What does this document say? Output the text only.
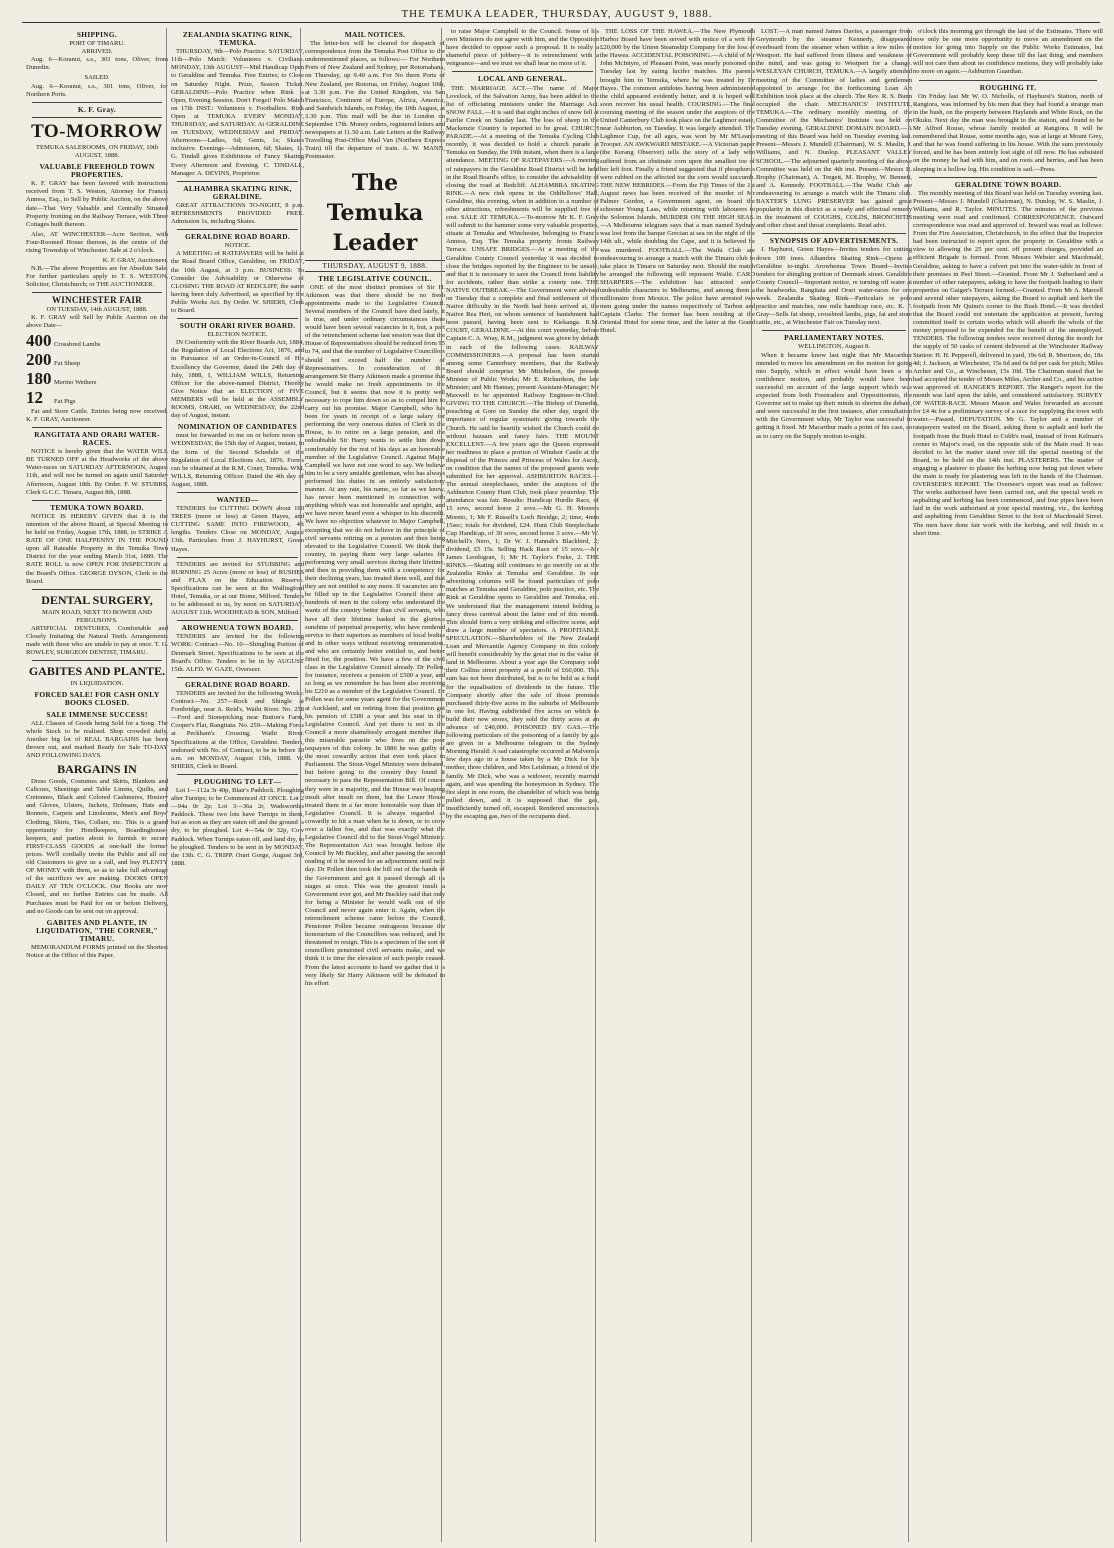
THE TEMUKA LEADER, THURSDAY, AUGUST 9, 1888.
SHIPPING.
PORT OF TIMARU.
ARRIVED.

Aug. 6—Koranui, s.s., 301 tons, Oliver, from Dunedin.

SAILED.

Aug. 6—Koranui, s.s., 301 tons, Oliver, for Northern Ports.

K. F. Gray.
TO-MORROW
TEMUKA SALEROOMS, ON FRIDAY, 10th AUGUST, 1888.
VALUABLE FREEHOLD TOWN PROPERTIES.

K. F. GRAY has been favored with instructions received from T. S. Weston, Attorney for Francis Anness, Esq., to Sell by Public Auction, on the above date—That Very Valuable and Centrally Situated Property fronting on the Railway Terrace, with Three Cottages built thereon.

Also, AT WINCHESTER—Acre Section, with Four-Roomed House thereon, in the centre of the rising Township of Winchester. Sale at 2 o'clock.

K. F. GRAY, Auctioneer.

N.B.—The above Properties are for Absolute Sale. For further particulars apply to T. S. WESTON, Solicitor, Christchurch; or THE AUCTIONEER.

WINCHESTER FAIR
ON TUESDAY, 14th AUGUST, 1888.

K. F. GRAY will Sell by Public Auction on the above Date—

400 Crossbred Lambs
200 Fat Sheep
180 Merino Wethers
12 Fat Pigs

Fat and Store Cattle. Entries being now received. K. F. GRAY, Auctioneer.

RANGITATA AND ORARI WATER-RACES.

NOTICE is hereby given that the WATER WILL BE TURNED OFF at the Headworks of the above Water-races on SATURDAY AFTERNOON, August 11th, and will not be turned on again until Saturday Afternoon, August 18th. By Order. F. W. STUBBS, Clerk G.C.C. Timaru, August 8th, 1888.

TEMUKA TOWN BOARD.

NOTICE IS HEREBY GIVEN that it is the intention of the above Board, at Special Meeting to be held on Friday, August 17th, 1888, to STRIKE A RATE OF ONE HALFPENNY IN THE POUND upon all Rateable Property in the Temuka Town District for the year ending March 31st, 1889. The RATE ROLL is now OPEN FOR INSPECTION at the Board's Office. GEORGE DYSON, Clerk to the Board.

DENTAL SURGERY,
MAIN ROAD, NEXT TO BOWER AND FERGUSON'S.

ARTIFICIAL DENTURES, Comfortable and Closely Imitating the Natural Teeth. Arrangements made with those who are unable to pay at once. T. G. ROWLEY, SURGEON DENTIST, TIMARU.

GABITES AND PLANTE.
IN LIQUIDATION.
FORCED SALE! FOR CASH ONLY BOOKS CLOSED.
SALE IMMENSE SUCCESS!

ALL Classes of Goods being Sold for a Song. The whole Stock to be realised. Shop crowded daily. Another big lot of REAL BARGAINS has been thrown out, and marked Ready for Sale TO-DAY AND FOLLOWING DAYS.

BARGAINS IN

Dress Goods, Costumes and Skirts, Blankets and Calicoes, Sheetings and Table Linens, Quilts, and Cretonnes, Black and Colored Cashmeres, Hosiery and Gloves, Ulsters, Jackets, Dolmans, Hats and Bonnets, Carpets and Linoleums, Men's and Boys' Clothing, Shirts, Ties, Collars, etc. This is a grand opportunity for Hotelkeepers, Boardinghouse-keepers, and parties about to furnish to secure FIRST-CLASS GOODS at one-half the former prices. We'll cordially invite the Public and all our old Customers to give us a call, and buy PLENTY OF MONEY with them, so as to take full advantage of the sacrifices we are making. DOORS OPEN DAILY AT TEN O'CLOCK. Our Books are now Closed, and no further Entries can be made. All Purchases must be Paid for on or before Delivery, and no Goods can be sent out on approval.

GABITES AND PLANTE, IN LIQUIDATION, "THE CORNER," TIMARU.

MEMORANDUM FORMS printed on the Shortest Notice at the Office of this Paper.

ZEALANDIA SKATING RINK, TEMUKA.

THURSDAY, 9th—Polo Practice. SATURDAY, 11th—Polo Match: Volunteers v. Civilians. MONDAY, 13th AUGUST—Mid Handicap Open to Geraldine and Temuka. Free Entries; to Close on Saturday Night. Prize, Season Ticket. GERALDINE—Polo Practice when Rink is Open, Evening Session. Don't Forget! Polo Match on 17th INST.: Volunteers v. Footballers. Rink Open at TEMUKA EVERY MONDAY, THURSDAY, and SATURDAY. At GERALDINE on TUESDAY, WEDNESDAY and FRIDAY. Afternoons—Ladies, 6d; Gents, 1s; Skates inclusive. Evenings—Admission, 6d; Skates, 1s. G. Tindall gives Exhibitions of Fancy Skating Every Afternoon and Evening. C. TINDALL, Manager. A. DEVINS, Proprietor.

ALHAMBRA SKATING RINK, GERALDINE.

GREAT ATTRACTIONS TO-NIGHT, 8 p.m. REFRESHMENTS PROVIDED FREE. Admission 1s, including Skates.

GERALDINE ROAD BOARD.
NOTICE.

A MEETING of RATEPAYERS will be held at the Road Board Office, Geraldine, on FRIDAY, the 10th August, at 3 p.m. BUSINESS: To Consider the Advisability or Otherwise of CLOSING THE ROAD AT REDCLIFF, the same having been duly Advertised, as specified by the Public Works Act. By Order. W. SHIERS, Clerk to Board.

SOUTH ORARI RIVER BOARD.
ELECTION NOTICE.

IN Conformity with the River Boards Act, 1884, the Regulation of Local Elections Act, 1876, and in Pursuance of an Order-in-Council of His Excellency the Governor, dated the 24th day of July, 1888, I, WILLIAM WILLS, Returning Officer for the above-named District, Hereby Give Notice that an ELECTION of FIVE MEMBERS will be held at the ASSEMBLY ROOMS, ORARI, on WEDNESDAY, the 22nd day of August, instant.

NOMINATION OF CANDIDATES

must be forwarded to me on or before noon on WEDNESDAY, the 15th day of August, instant, in the form of the Second Schedule of the Regulation of Local Elections Act, 1876. Forms can be obtained at the R.M. Court, Temuka. WM. WILLS, Returning Officer. Dated the 4th day of August, 1888.

WANTED—

TENDERS for CUTTING DOWN about 100 TREES (more or less) at Green Hayes, and CUTTING SAME INTO FIREWOOD, 4ft lengths. Tenders Close on MONDAY, August 13th. Particulars from J. HAYHURST, Green Hayes.

TENDERS are invited for STUBBING and BURNING 25 Acres (more or less) of RUSHES and FLAX on the Education Reserve. Specifications can be seen at the Wallingford Hotel, Temuka, or at our Home, Milford. Tenders to be addressed to us, by noon on SATURDAY, AUGUST 11th. WOODHEAD & SON, Milford.

AROWHENUA TOWN BOARD.

TENDERS are invited for the following WORK: Contract—No. 10—Shingling Portion of Denmark Street. Specifications to be seen at the Board's Office. Tenders to be in by AUGUST 15th. ALFD. W. GAZE, Overseer.

GERALDINE ROAD BOARD.

TENDERS are invited for the following Works: Contract—No. 257—Rock and Shingle at Footbridge, near A. Reid's, Waihi River. No. 258—Ford and Stonepicking near Button's Farm, Cooper's Flat, Rangitata. No. 259—Making Fords at Peckham's Crossing, Waihi River. Specifications at the Office, Geraldine. Tenders, endorsed with No. of Contract, to be in before 10 a.m. on MONDAY, August 13th, 1888. W. SHIERS, Clerk to Board.

PLOUGHING TO LET—

Lot 1—112a 3r 40p, Blair's Paddock. Ploughing after Turnips; to be Commenced AT ONCE. Lot 2—94a 0r 2p; Lot 3—36a 2r, Wadsworth's Paddock. These two lots have Turnips in them, but as soon as they are eaten off and the ground is dry, to be ploughed. Lot 4—54a 0r 32p, Cow Paddock. When Turnips eaten off, and land dry, to be ploughed. Tenders to be sent in by MONDAY, the 13th. C. G. TRIPP. Orari Gorge, August 3rd, 1888.

MAIL NOTICES.

The letter-box will be cleared for despatch of correspondence from the Temuka Post Office to the undermentioned places, as follows:— For Northern Ports of New Zealand and Sydney, per Rotomahana, on Thursday, up 9.40 a.m. For No thern Ports of New Zealand, per Rotorua, on Friday, August 10th, at 3.30 p.m. For the United Kingdom, via San Francisco, Continent of Europe, Africa, America, and Sandwich Islands, on Friday, the 10th August, at 3.30 p.m. This mail will be due in London on September 17th. Money orders, registered letters and newspapers at 11.50 a.m. Late Letters at the Railway Travelling Post-Office Mail Van (Northern Express Train) till the departure of train. A. W. MANN, Postmaster.

The Temuka Leader
THURSDAY, AUGUST 9, 1888.
THE LEGISLATIVE COUNCIL.

ONE of the most distinct promises of Sir H. Atkinson was that there should be no fresh appointments made to the Legislative Council. Several members of the Council have died lately, it is true, and under ordinary circumstances there would have been several vacancies in it, but, a part of the retrenchment scheme last session was that the House of Representatives should be reduced from 95 to 74, and that the number of Legislative Councillors should not exceed half the number of Representatives. In consideration of this arrangement Sir Harry Atkinson made a promise that he would make no fresh appointments to the Council, but it seems that now it is pretty well necessary to rope him down so as to compel him to carry out his promise. Major Campbell, who has been for years in receipt of a large salary for performing the very onerous duties of Clerk to the House, is to retire on a large pension, and the redoubtable Sir Harry wants to settle him down comfortably for the rest of his days as an honorable member of the Legislative Council. Against Major Campbell we have not one word to say. We believe him to be a very amiable gentleman, who has always performed his duties in an entirely satisfactory manner. At any rate, his name, so far as we know, has never been mentioned in connection with anything which was not honorable and upright, and we have never heard even a whisper to his discredit. We have no objection whatever to Major Campbell, excepting that we do not believe in the principle of civil servants retiring on a pension and then being elevated to the Legislative Council. We think their country, in paying them very large salaries for performing very small services during their lifetime, and then in providing them with a competency for their declining years, has treated them well, and that they are not entitled to any more. If vacancies are to be filled up in the Legislative Council there are hundreds of men in the colony who understand the wants of the country better than civil servants, who have all their lifetime basked in the glorious sunshine of perpetual prosperity, who have rendered service to their superiors as members of local bodies and in other ways without receiving remuneration, and who are certainly better entitled to, and better fitted for, the position. We have a few of the civil class in the Legislative Council already. Dr Pollen, for instance, receives a pension of £500 a year, and so long as we remember he has been also receiving his £210 as a member of the Legislative Council. Dr Pollen was for some years agent for the Government at Auckland, and on retiring from that position got his pension of £500 a year and his seat in the Legislative Council. And yet there is not in the Council a more shamelessly arrogant member than this miserable parasite who lives on the poor taxpayers of this colony. In 1886 he was guilty of the most cowardly action that ever took place in Parliament. The Stout-Vogel Ministry were defeated, but before going to the country they found it necessary to pass the Representation Bill. Of course they were in a majority, and the House was heaping insult after insult on them, but the Lower House treated them in a far more honorable way than the Legislative Council. It is always regarded as cowardly to hit a man when he is down, or to crow over a fallen foe, and that was exactly what the Legislative Council did to the Stout-Vogel Ministry. The Representation Act was brought before the Council by Mr Buckley, and after passing the second reading of it he moved for an adjournment until next day. Dr Pollen then took the bill out of the hands of the Government and got it passed through all its stages at once. This was the greatest insult a Government ever got, and Mr Buckley said that only for being a Minister he would walk out of the Council and never again enter it. Again, when the retrenchment scheme came before the Council, Pensioner Pollen became outrageous because the honorarium of the Councillors was reduced, and he threatened to resign. This is a specimen of the sort of councillors pensioned civil servants make, and we think it is time the elevation of such people ceased. From the latest accounts to hand we gather that it is very likely Sir Harry Atkinson will be defeated in his effort

to raise Major Campbell to the Council. Some of his own Ministers do not agree with him, and the Opposition have decided to oppose such a proposal. It is really a shameful piece of jobbery—it is retrenchment with a vengeance—and we trust we shall hear no more of it.

LOCAL AND GENERAL.

THE MARRIAGE ACT.—The name of Major Lovelock, of the Salvation Army, has been added to the list of officiating ministers under the Marriage Act. SNOW FALL.—It is said that eight inches of snow fell at Fairlie Creek on Sunday last. The loss of sheep in the Mackenzie Country is reported to be great. CHURCH PARADE.—At a meeting of the Temuka Cycling Club recently, it was decided to hold a church parade at Temuka on Sunday, the 19th instant, when there is a large attendance. MEETING OF RATEPAYERS.—A meeting of ratepayers in the Geraldine Road District will be held in the Road Board's office, to consider the advisability of closing the road at Redcliff. ALHAMBRA SKATING RINK.—A new rink opens in the Oddfellows' Hall, Geraldine, this evening, when in addition to a number of other attractions, refreshments will be supplied free of cost. SALE AT TEMUKA.—To-morrow Mr K. F. Gray will submit to the hammer some very valuable properties, situate at Temuka and Winchester, belonging to Francis Anness, Esq. The Temuka property fronts Railway Terrace. UNSAFE BRIDGES.—At a meeting of the Geraldine County Council yesterday it was decided to close the bridges reported by the Engineer to be unsafe, and that it is necessary to save the Council from liability for accidents, rather than strike a county rate. THE NATIVE OUTBREAK.—The Government were advised on Tuesday that a complete and final settlement of the Native difficulty in the North had been arrived at, the Native Rea Heri, on whom sentence of banishment had been passed, having been sent to Kiekanga. R.M. COURT, GERALDINE.—At this court yesterday, before Captain C. A. Wray, R.M., judgment was given by default in each of the following cases. RAILWAY COMMISSIONERS.—A proposal has been started among some Canterbury members, that the Railway Board should comprise Mr Mitchelson, the present Minister of Public Works; Mr E. Richardson, the late Minister; and Mr Hannay, present Assistant-Manager; Mr Maxwell to be appointed Railway Engineer-in-Chief. GIVING TO THE CHURCH.—The Bishop of Dunedin, preaching at Gore on Sunday the other day, urged the importance of regular systematic giving towards the Church. He said he heartily wished the Church could do without bazaars and fancy fairs. THE MOUNT EXCELLENT.—A few years ago the Queen expressed her readiness to place a portion of Windsor Castle at the disposal of the Princes and Princess of Wales for Ascot, on condition that the names of the proposed guests were submitted for her approval. ASHBURTON RACES.—The annual steeplechases, under the auspices of the Ashburton County Hunt Club, took place yesterday. The attendance was fair. Results: Handicap Hurdle Race, of 15 sovs, second horse 2 sovs.—Mr G. H. Moore's Moreto, 1; Mr F. Russell's Loch Breidge, 2; time, 4min 15sec; totals for dividend, £24. Hunt Club Steeplechase Cup Handicap, of 30 sovs, second horse 3 sovs.—Mr W. Mitchell's Nero, 1; Dr W. J. Hannah's Blackbird, 2; dividend, £5 15s. Selling Hack Race of 15 sovs.—Mr James Leodogran, 1; Mr H. Taylor's Freke, 2. THE RINKS.—Skating still continues to go merrily on at the Zealandia Rinks at Temuka and Geraldine. In our advertising columns will be found particulars of polo matches at Temuka and Geraldine, polo practice, etc. The Rink at Geraldine opens to Geraldine and Temuka, etc. We understand that the management intend holding a fancy dress carnival about the latter end of this month. This should form a very striking and effective scene, and draw a large number of spectators. A PROFITABLE SPECULATION.—Shareholders of the New Zealand Loan and Mercantile Agency Company in this colony will benefit considerably by the great rise in the value of land in Melbourne. About a year ago the Company sold their Collins street property at a profit of £60,000. This sum has not been distributed, but is to be held as a fund for the equalisation of dividends in the future. The Company shortly after the sale of those premises purchased thirty-five acres in the suburbs of Melbourne in one lot. Having subdivided five acres on which to build their new stores, they sold the thirty acres at an advance of £40,000. POISONED BY GAS.—The following particulars of the poisoning of a family by gas are given in a Melbourne telegram in the Sydney Morning Herald: A sad catastrophe occurred at Malvern a few days ago in a house taken by a Mr Dick for his mother, three children, and Mrs Leishman, a friend of the family. Mr Dick, who was a widower, recently married again, and was spending the honeymoon in Sydney. The fire slept in one room, the chandelier of which was being pulled down, and it is supposed that the gas, insufficiently turned off, escaped. Rendered unconscious by the escaping gas, two of the occupants died.

THE LOSS OF THE HAWEA.—The New Plymouth Harbor Board have been served with notice of a writ for £20,000 by the Union Steamship Company for the loss of the Hawea. ACCIDENTAL POISONING.—A child of Mr John McIntyre, of Pleasant Point, was nearly poisoned on Tuesday last by eating lucifer matches. His parents brought him to Temuka, where he was treated by Dr Hayes. The common antidotes having been administered the child appeared evidently better, and it is hoped will soon recover his usual health. COURSING.—The final coursing meeting of the season under the auspices of the United Canterbury Club took place on the Laghmor estate, near Ashburton, on Tuesday. It was largely attended. The Laghmor Cup, for all ages, was won by Mr M'Lean's Trooper. AN AWKWARD MISTAKE.—A Victorian paper (the Kerang Observer) tells the story of a lady who suffered from an obstinate corn upon the smallest toe of her left foot. Finally a friend suggested that if phosphorus were rubbed on the affected toe the corn would succumb. THE NEW HEBRIDES.—From the Fiji Times of the 1st August news has been received of the murder of Mr Palmer Gordon, a Government agent, on board the schooner Young Lass, while returning with labourers to the Solomon Islands. MURDER ON THE HIGH SEAS.—A Melbourne telegram says that a man named Sydney was lost from the barque Grecian at sea on the night of the 14th ult., while doubling the Cape, and it is believed he was murdered. FOOTBALL.—The Waihi Club are endeavouring to arrange a match with the Timaru club to take place in Timaru on Saturday next. Should the match be arranged the following will represent Waihi. CARD SHARPERS.—The exhibition has attracted some undesirable characters to Melbourne, and among them a millionaire from Mexico. The police have arrested two men going under the names respectively of Tarbon and Captain Clarke. The former has been residing at the Oriental Hotel for some time, and the latter at the Grand Hotel.

LOST.—A man named James Davies, a passenger from Greymouth by the steamer Kennedy, disappeared overboard from the steamer when within a few miles of Westport. He had suffered from illness and weakness of the mind, and was going to Westport for a change. WESLEYAN CHURCH, TEMUKA.—A largely attended meeting of the Committee of ladies and gentlemen appointed to arrange for the forthcoming Loan Art Exhibition took place at the church. The Rev. R. S. Bunn occupied the chair. MECHANICS' INSTITUTE, TEMUKA.—The ordinary monthly meeting of the Committee of the Mechanics' Institute was held on Tuesday evening. GERALDINE DOMAIN BOARD.—A meeting of this Board was held on Tuesday evening last. Present—Messrs J. Mundell (Chairman), W. S. Maslin, J. Williams, and N. Dunlop. PLEASANT VALLEY SCHOOL.—The adjourned quarterly meeting of the above Committee was held on the 4th inst. Present—Messrs R. Brophy (Chairman), A. Tregett, M. Brophy, W. Bennett, and A. Kennedy. FOOTBALL.—The Waihi Club are endeavouring to arrange a match with the Timaru club. BAXTER'S LUNG PRESERVER has gained great popularity in this district as a ready and effectual remedy in the treatment of COUGHS, COLDS, BRONCHITIS and other chest and throat complaints. Read advt.

SYNOPSIS OF ADVERTISEMENTS.

J. Hayhurst, Green Hayes—Invites tenders for cutting down 100 trees. Alhambra Skating Rink—Opens at Geraldine to-night. Arowhenua Town Board—Invites tenders for shingling portion of Denmark street. Geraldine County Council—Important notice, re turning off water at the headworks. Rangitata and Orari water-races for one week. Zealandia Skating Rink—Particulars re polo practice and matches, one mile handicap race, etc. K. F. Gray—Sells fat sheep, crossbred lambs, pigs, fat and store cattle, etc., at Winchester Fair on Tuesday next.

PARLIAMENTARY NOTES.
WELLINGTON, August 8.

When it became know last night that Mr Macarthur intended to move his amendment on the motion for going into Supply, which in effect would have been a no confidence motion, and probably would have been successful on account of the large support which was expected from both Freetraders and Oppositionists, the Governor set to make up their minds to shorten the debate, and were successful in the first instance, after consultation with the Government whip, Mr Taylor was successful in getting it fixed. Mr Macarthur made a point of his case, so as to carry on the Supply motion to-night.

o'clock this morning got through the last of the Estimates. There will now only be one more opportunity to move an amendment on the motion for going into Supply on the Public Works Estimates, but Government will probably keep these till the last thing, and members will not care then about no confidence motions, they will probably take no more on again.—Ashburton Guardian.

ROUGHING IT.

On Friday last Mr W. O. Nicholls, of Hayhurst's Station, north of Rangiora, was informed by his men that they had found a strange man in the bush, on the property between Haylands and White Rock, on the Okuku. Next day the man was brought to the station, and found to be Mr Alfred Rouse, whose family resided at Rangiora. It will be remembered that Rouse, some months ago, was at large at Mount Grey, and that he was found suffering in his house. With the sum previously forced, and he has been entirely lost sight of till now. He has subsisted on the money he had with him, and on roots and berries, and has been sleeping in a hollow log. His condition is sad.—Press.

GERALDINE TOWN BOARD.

The monthly meeting of this Board was held on Tuesday evening last. Present—Messrs J. Mundell (Chairman), N. Dunlop, W. S. Maslin, J. Williams, and R. Taylor. MINUTES. The minutes of the previous meeting were read and confirmed. CORRESPONDENCE. Outward correspondence was read and approved of. Inward was read as follows: From the Fire Association, Christchurch, to the effect that the Inspector had been instructed to report upon the property in Geraldine with a view to allowing the 25 per cent. off present charges, provided an efficient Brigade is formed. From Messrs Webster and Macdonald, Geraldine, asking to have a culvert put into the water-table in front of their premises in Peel Street.—Granted. From Mr J. Sutherland and a number of other ratepayers, asking to have the footpath leading to their properties on Gaiger's Terrace formed.—Granted. From Mr A. Marcell and several other ratepayers, asking the Board to asphalt and kerb the footpath from Mr Quinn's corner to the Bush Hotel.—It was decided that the Board could not entertain the application at present, having committed itself to certain works which will absorb the whole of the money proposed to be expended for the benefit of the unemployed. TENDERS. The following tenders were received during the month for the supply of 50 casks of cement delivered at the Winchester Railway Station: H. H. Pepperell, delivered in yard, 19s 6d; R. Morrison, do, 18s 4d; J. Jackson, at Winchester, 15s 6d and 6s 6d per cask for pitch; Miles Archer and Co., at Winchester, 15s 10d. The Chairman stated that he had accepted the tender of Messrs Miles, Archer and Co., and his action was approved of. RANGER'S REPORT. The Ranger's report for the month was laid upon the table, and considered satisfactory. SURVEY OF WATER-RACE. Messrs Mason and Wales forwarded an account for £4 4s for a preliminary survey of a race for supplying the town with water.—Passed. DEPUTATION. Mr G. Taylor and a number of ratepayers waited on the Board, asking them to asphalt and kerb the footpath from the Bush Hotel to Cobb's road, instead of from Kelman's corner to Major's road, on the opposite side of the Main road. It was decided to let the matter stand over till the special meeting of the Board, to be held on the 14th inst. PLASTERERS. The matter of engaging a plasterer to plaster the kerbing now being put down where the main is ready for plastering was left in the hands of the Chairman. OVERSEER'S REPORT. The Overseer's report was read as follows: The works authorised have been carried out, and the special work re asphalting and kerbing has been commenced, and four pipes have been laid in the work authorised at your special meeting, viz., the kerbing and asphalting from Geraldine Street to the foot of Macdonald Street. The men have done fair work with the kerbing, and will finish in a short time.
